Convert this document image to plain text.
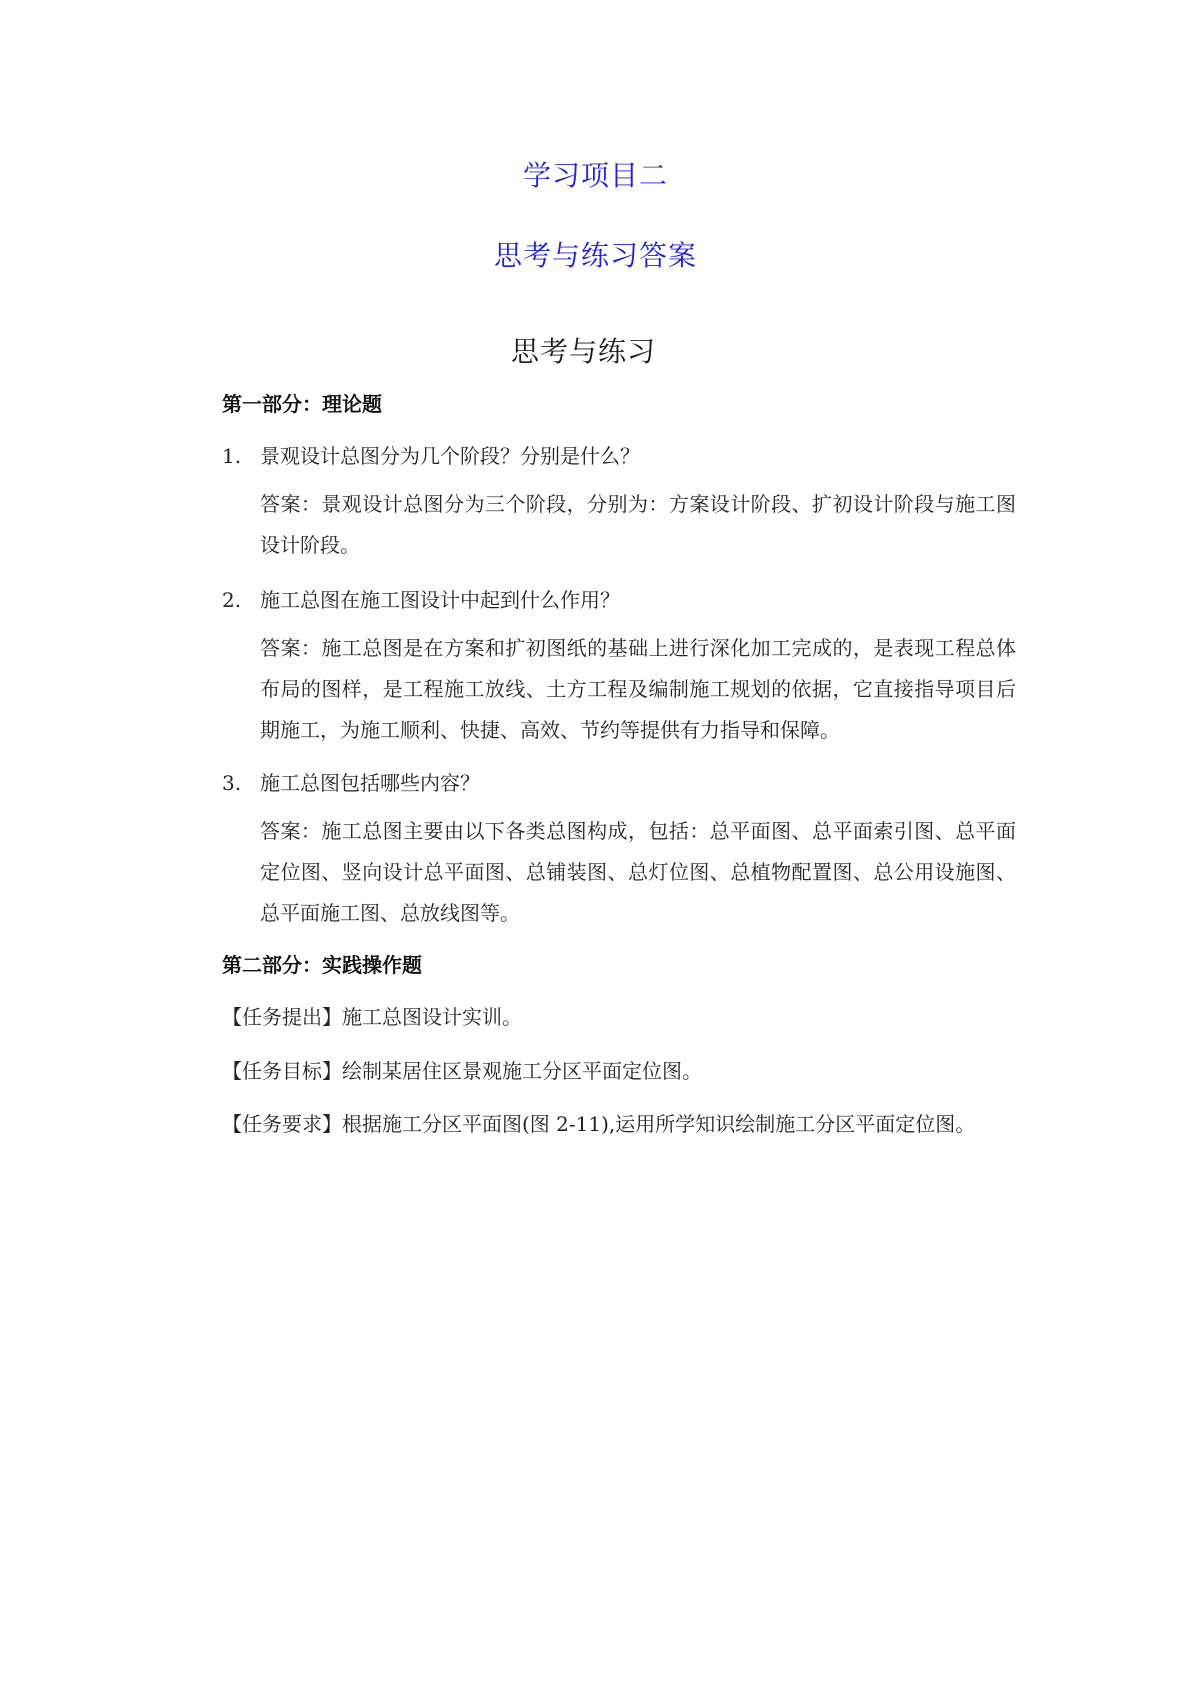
学习项目二
思考与练习答案
思考与练习
第一部分：理论题
1. 景观设计总图分为几个阶段？分别是什么？
答案：景观设计总图分为三个阶段，分别为：方案设计阶段、扩初设计阶段与施工图设计阶段。
2. 施工总图在施工图设计中起到什么作用？
答案：施工总图是在方案和扩初图纸的基础上进行深化加工完成的，是表现工程总体布局的图样，是工程施工放线、土方工程及编制施工规划的依据，它直接指导项目后期施工，为施工顺利、快捷、高效、节约等提供有力指导和保障。
3. 施工总图包括哪些内容？
答案：施工总图主要由以下各类总图构成，包括：总平面图、总平面索引图、总平面定位图、竖向设计总平面图、总铺装图、总灯位图、总植物配置图、总公用设施图、总平面施工图、总放线图等。
第二部分：实践操作题
【任务提出】施工总图设计实训。
【任务目标】绘制某居住区景观施工分区平面定位图。
【任务要求】根据施工分区平面图(图 2-11),运用所学知识绘制施工分区平面定位图。
